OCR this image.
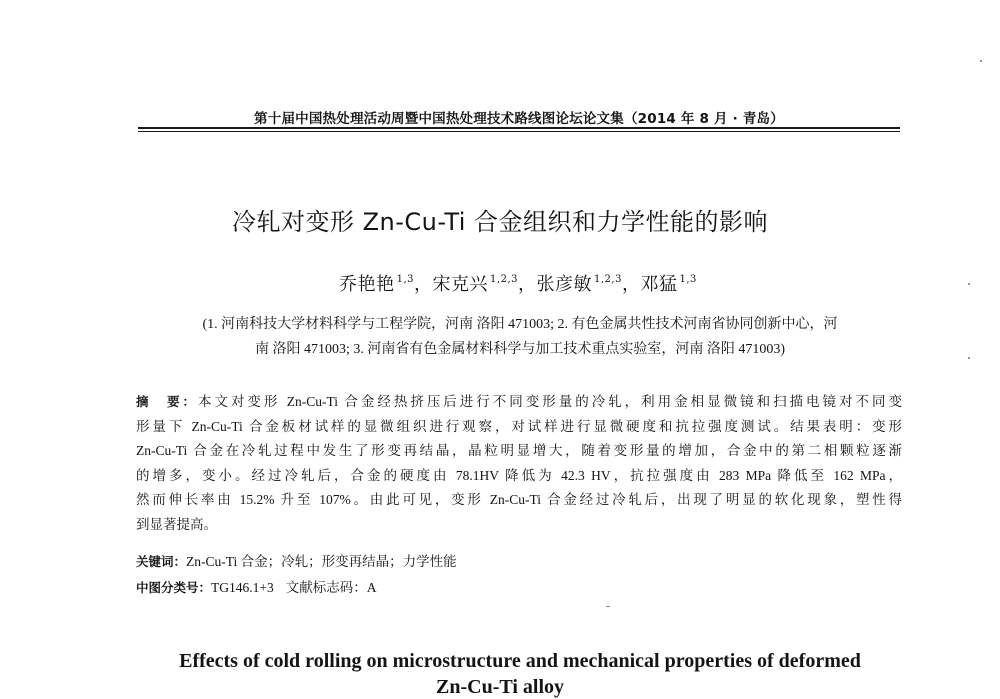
第十届中国热处理活动周暨中国热处理技术路线图论坛论文集（2014 年 8 月 · 青岛）
冷轧对变形 Zn-Cu-Ti 合金组织和力学性能的影响
乔艳艳 $^{1,3}$，宋克兴 $^{1,2,3}$，张彦敏 $^{1,2,3}$，邓猛 $^{1,3}$
(1. 河南科技大学材料科学与工程学院，河南 洛阳 471003; 2. 有色金属共性技术河南省协同创新中心，河
南 洛阳 471003; 3. 河南省有色金属材料科学与加工技术重点实验室，河南 洛阳 471003)
摘　要：本文对变形 Zn-Cu-Ti 合金经热挤压后进行不同变形量的冷轧，利用金相显微镜和扫描电镜对不同变
形量下 Zn-Cu-Ti 合金板材试样的显微组织进行观察，对试样进行显微硬度和抗拉强度测试。结果表明：变形
Zn-Cu-Ti 合金在冷轧过程中发生了形变再结晶，晶粒明显增大，随着变形量的增加，合金中的第二相颗粒逐渐
的增多，变小。经过冷轧后，合金的硬度由 78.1HV 降低为 42.3 HV，抗拉强度由 283 MPa 降低至 162 MPa，
然而伸长率由 15.2% 升至 107%。由此可见，变形 Zn-Cu-Ti 合金经过冷轧后，出现了明显的软化现象，塑性得
到显著提高。
关键词：Zn-Cu-Ti 合金；冷轧；形变再结晶；力学性能
中图分类号：TG146.1+3 文献标志码：A
Effects of cold rolling on microstructure and mechanical properties of deformed
Zn-Cu-Ti alloy
